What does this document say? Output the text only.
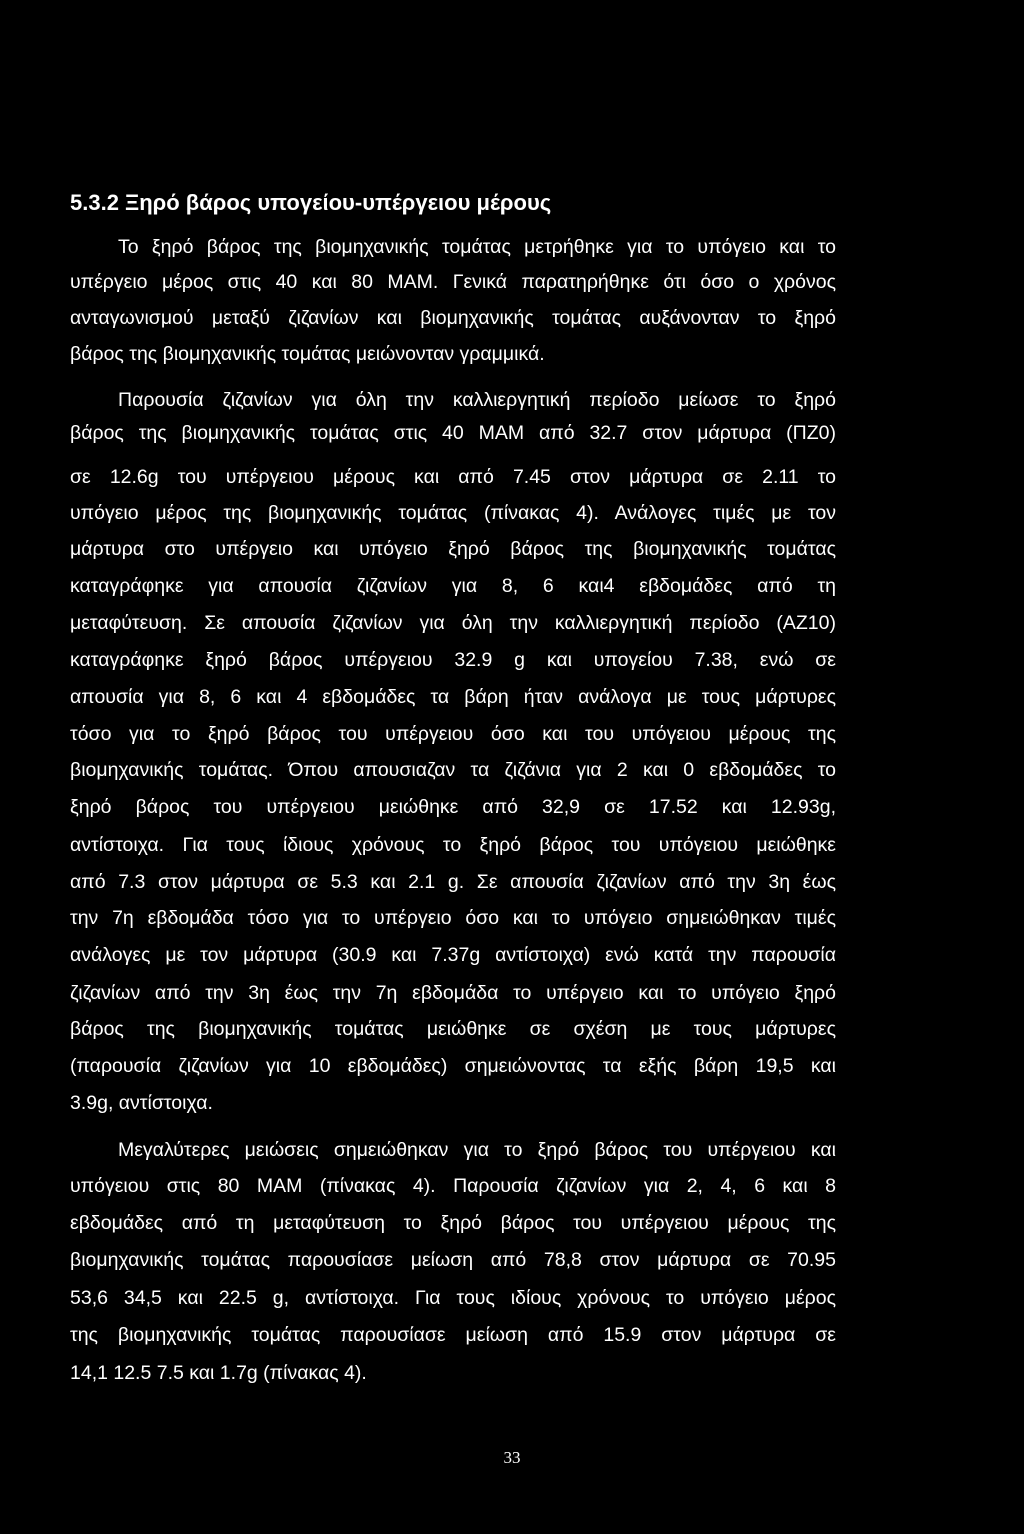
5.3.2 Ξηρό βάρος υπογείου-υπέργειου μέρους
Το ξηρό βάρος της βιομηχανικής τομάτας μετρήθηκε για το υπόγειο και το
υπέργειο μέρος στις 40 και 80 ΜΑΜ. Γενικά παρατηρήθηκε ότι όσο ο χρόνος
ανταγωνισμού μεταξύ ζιζανίων και βιομηχανικής τομάτας αυξάνονταν το ξηρό
βάρος της βιομηχανικής τομάτας μειώνονταν γραμμικά.
Παρουσία ζιζανίων για όλη την καλλιεργητική περίοδο μείωσε το ξηρό
βάρος της βιομηχανικής τομάτας στις 40 ΜΑΜ από 32.7 στον μάρτυρα (ΠΖ0)
σε 12.6g του υπέργειου μέρους και από 7.45 στον μάρτυρα σε 2.11 το
υπόγειο μέρος της βιομηχανικής τομάτας (πίνακας 4). Ανάλογες τιμές με τον
μάρτυρα στο υπέργειο και υπόγειο ξηρό βάρος της βιομηχανικής τομάτας
καταγράφηκε για απουσία ζιζανίων για 8, 6 και4 εβδομάδες από τη
μεταφύτευση. Σε απουσία ζιζανίων για όλη την καλλιεργητική περίοδο (ΑΖ10)
καταγράφηκε ξηρό βάρος υπέργειου 32.9 g και υπογείου 7.38, ενώ σε
απουσία για 8, 6 και 4 εβδομάδες τα βάρη ήταν ανάλογα με τους μάρτυρες
τόσο για το ξηρό βάρος του υπέργειου όσο και του υπόγειου μέρους της
βιομηχανικής τομάτας. Όπου απουσιαζαν τα ζιζάνια για 2 και 0 εβδομάδες το
ξηρό βάρος του υπέργειου μειώθηκε από 32,9 σε 17.52 και 12.93g,
αντίστοιχα. Για τους ίδιους χρόνους το ξηρό βάρος του υπόγειου μειώθηκε
από 7.3 στον μάρτυρα σε 5.3 και 2.1 g. Σε απουσία ζιζανίων από την 3η έως
την 7η εβδομάδα τόσο για το υπέργειο όσο και το υπόγειο σημειώθηκαν τιμές
ανάλογες με τον μάρτυρα (30.9 και 7.37g αντίστοιχα) ενώ κατά την παρουσία
ζιζανίων από την 3η έως την 7η εβδομάδα το υπέργειο και το υπόγειο ξηρό
βάρος της βιομηχανικής τομάτας μειώθηκε σε σχέση με τους μάρτυρες
(παρουσία ζιζανίων για 10 εβδομάδες) σημειώνοντας τα εξής βάρη 19,5 και
3.9g, αντίστοιχα.
Μεγαλύτερες μειώσεις σημειώθηκαν για το ξηρό βάρος του υπέργειου και
υπόγειου στις 80 ΜΑΜ (πίνακας 4). Παρουσία ζιζανίων για 2, 4, 6 και 8
εβδομάδες από τη μεταφύτευση το ξηρό βάρος του υπέργειου μέρους της
βιομηχανικής τομάτας παρουσίασε μείωση από 78,8 στον μάρτυρα σε 70.95
53,6 34,5 και 22.5 g, αντίστοιχα. Για τους ιδίους χρόνους το υπόγειο μέρος
της βιομηχανικής τομάτας παρουσίασε μείωση από 15.9 στον μάρτυρα σε
14,1 12.5 7.5 και 1.7g (πίνακας 4).
33
